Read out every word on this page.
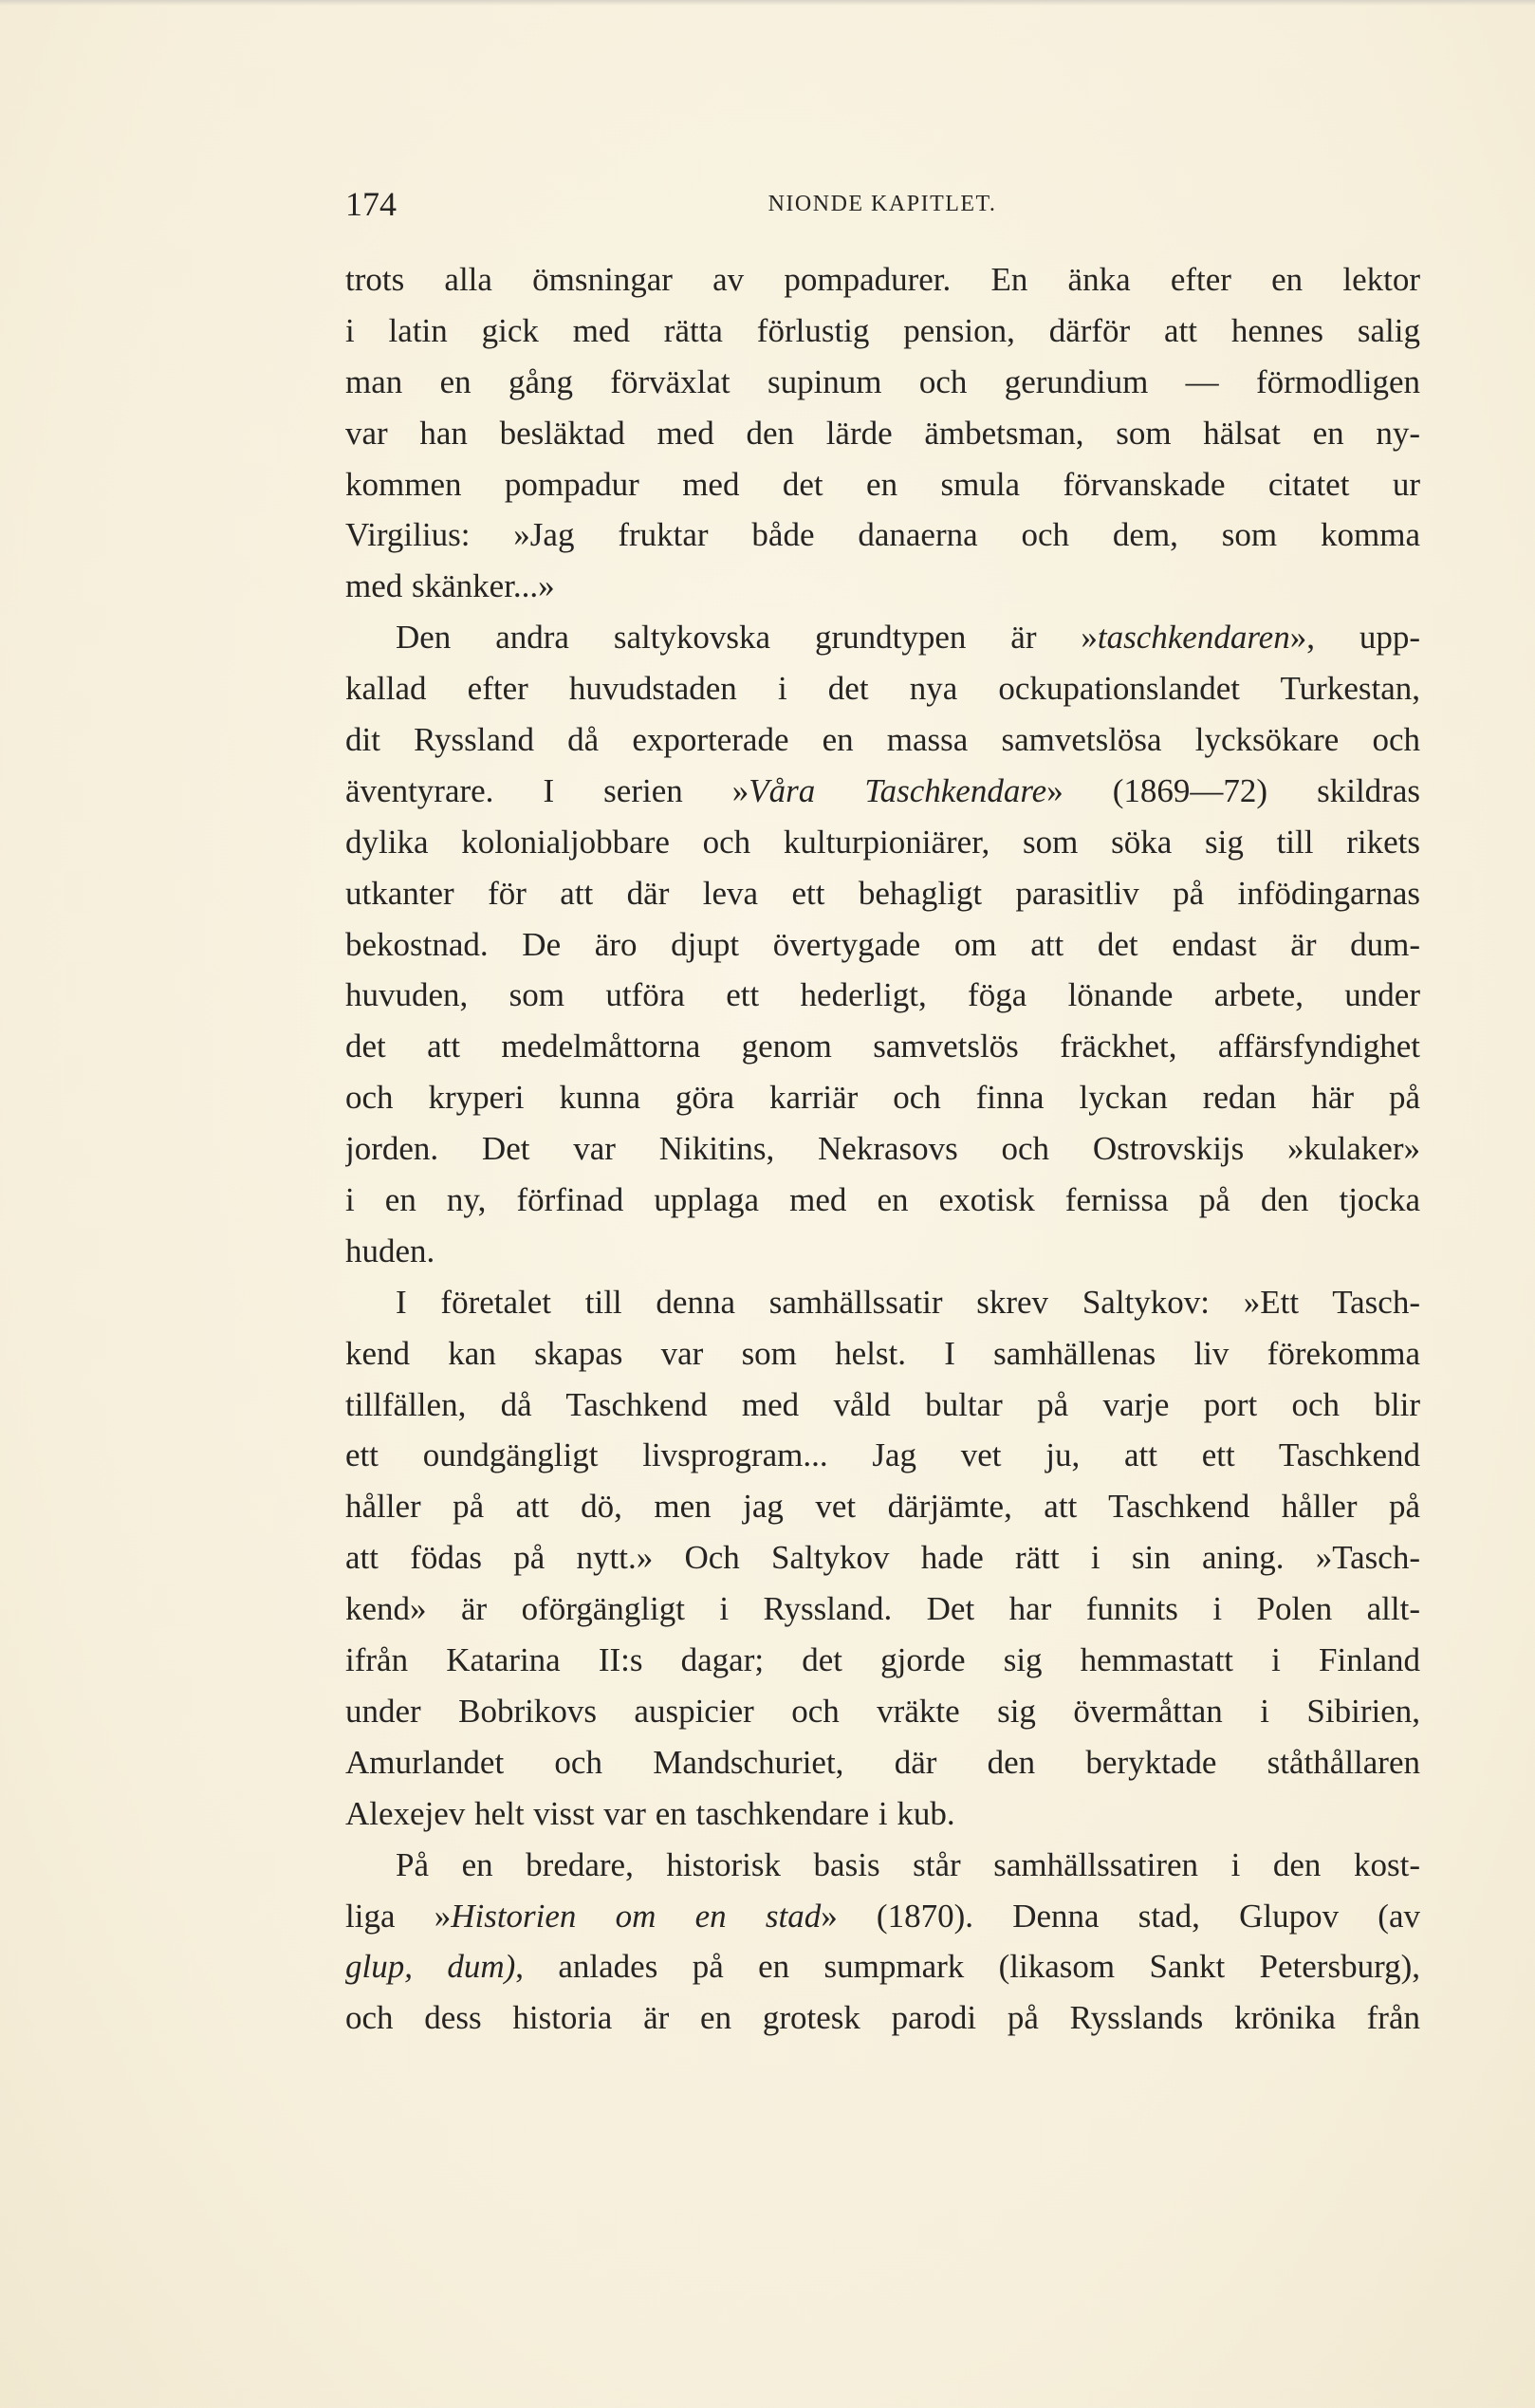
174	NIONDE KAPITLET.
trots alla ömsningar av pompadurer. En änka efter en lektor
i latin gick med rätta förlustig pension, därför att hennes salig
man en gång förväxlat supinum och gerundium — förmodligen
var han besläktad med den lärde ämbetsman, som hälsat en ny-
kommen pompadur med det en smula förvanskade citatet ur
Virgilius: »Jag fruktar både danaerna och dem, som komma
med skänker...»
Den andra saltykovska grundtypen är »taschkendaren», upp-
kallad efter huvudstaden i det nya ockupationslandet Turkestan,
dit Ryssland då exporterade en massa samvetslösa lycksökare och
äventyrare. I serien »Våra Taschkendare» (1869—72) skildras
dylika kolonialjobbare och kulturpioniärer, som söka sig till rikets
utkanter för att där leva ett behagligt parasitliv på infödingarnas
bekostnad. De äro djupt övertygade om att det endast är dum-
huvuden, som utföra ett hederligt, föga lönande arbete, under
det att medelmåttorna genom samvetslös fräckhet, affärsfyndighet
och kryperi kunna göra karriär och finna lyckan redan här på
jorden. Det var Nikitins, Nekrasovs och Ostrovskijs »kulaker»
i en ny, förfinad upplaga med en exotisk fernissa på den tjocka
huden.
I företalet till denna samhällssatir skrev Saltykov: »Ett Tasch-
kend kan skapas var som helst. I samhällenas liv förekomma
tillfällen, då Taschkend med våld bultar på varje port och blir
ett oundgängligt livsprogram... Jag vet ju, att ett Taschkend
håller på att dö, men jag vet därjämte, att Taschkend håller på
att födas på nytt.» Och Saltykov hade rätt i sin aning. »Tasch-
kend» är oförgängligt i Ryssland. Det har funnits i Polen allt-
ifrån Katarina II:s dagar; det gjorde sig hemmastatt i Finland
under Bobrikovs auspicier och vräkte sig övermåttan i Sibirien,
Amurlandet och Mandschuriet, där den beryktade ståthållaren
Alexejev helt visst var en taschkendare i kub.
På en bredare, historisk basis står samhällssatiren i den kost-
liga »Historien om en stad» (1870). Denna stad, Glupov (av
glup, dum), anlades på en sumpmark (likasom Sankt Petersburg),
och dess historia är en grotesk parodi på Rysslands krönika från
